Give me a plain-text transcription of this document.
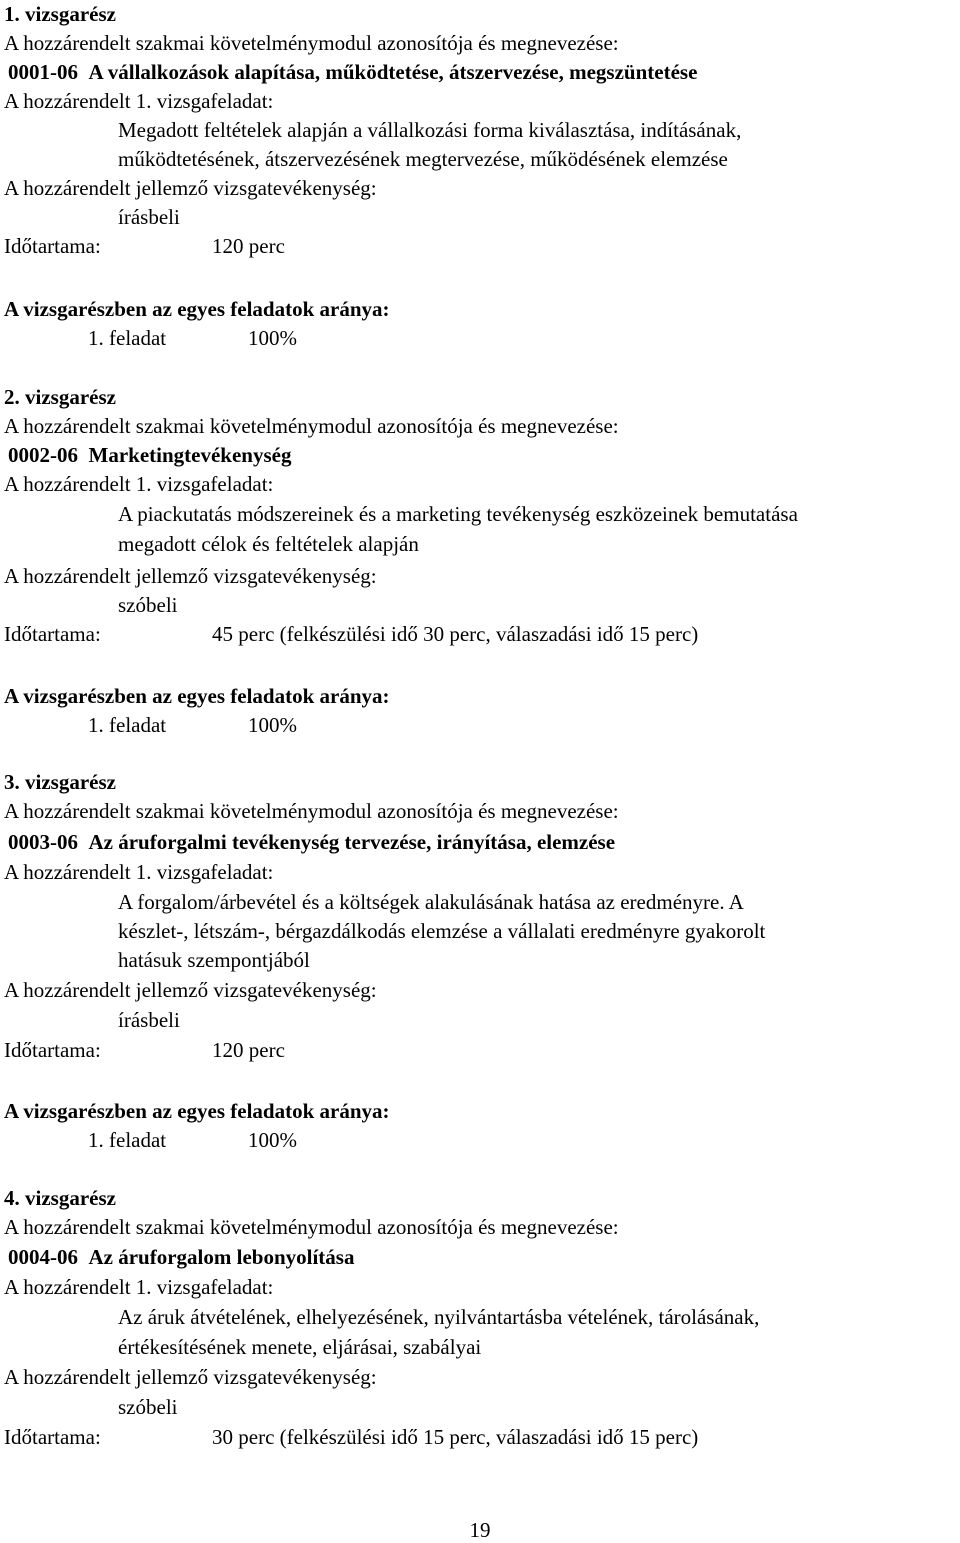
1. vizsgarész
A hozzárendelt szakmai követelménymodul azonosítója és megnevezése:
0001-06 A vállalkozások alapítása, működtetése, átszervezése, megszüntetése
A hozzárendelt 1. vizsgafeladat:
Megadott feltételek alapján a vállalkozási forma kiválasztása, indításának,
működtetésének, átszervezésének megtervezése, működésének elemzése
A hozzárendelt jellemző vizsgatevékenység:
írásbeli
Időtartama:	120 perc
A vizsgarészben az egyes feladatok aránya:
1. feladat	100%
2. vizsgarész
A hozzárendelt szakmai követelménymodul azonosítója és megnevezése:
0002-06 Marketingtevékenység
A hozzárendelt 1. vizsgafeladat:
A piackutatás módszereinek és a marketing tevékenység eszközeinek bemutatása
megadott célok és feltételek alapján
A hozzárendelt jellemző vizsgatevékenység:
szóbeli
Időtartama:	45 perc (felkészülési idő 30 perc, válaszadási idő 15 perc)
A vizsgarészben az egyes feladatok aránya:
1. feladat	100%
3. vizsgarész
A hozzárendelt szakmai követelménymodul azonosítója és megnevezése:
0003-06 Az áruforgalmi tevékenység tervezése, irányítása, elemzése
A hozzárendelt 1. vizsgafeladat:
A forgalom/árbevétel és a költségek alakulásának hatása az eredményre. A
készlet-, létszám-, bérgazdálkodás elemzése a vállalati eredményre gyakorolt
hatásuk szempontjából
A hozzárendelt jellemző vizsgatevékenység:
írásbeli
Időtartama:	120 perc
A vizsgarészben az egyes feladatok aránya:
1. feladat	100%
4. vizsgarész
A hozzárendelt szakmai követelménymodul azonosítója és megnevezése:
0004-06 Az áruforgalom lebonyolítása
A hozzárendelt 1. vizsgafeladat:
Az áruk átvételének, elhelyezésének, nyilvántartásba vételének, tárolásának,
értékesítésének menete, eljárásai, szabályai
A hozzárendelt jellemző vizsgatevékenység:
szóbeli
Időtartama:	30 perc (felkészülési idő 15 perc, válaszadási idő 15 perc)
19
